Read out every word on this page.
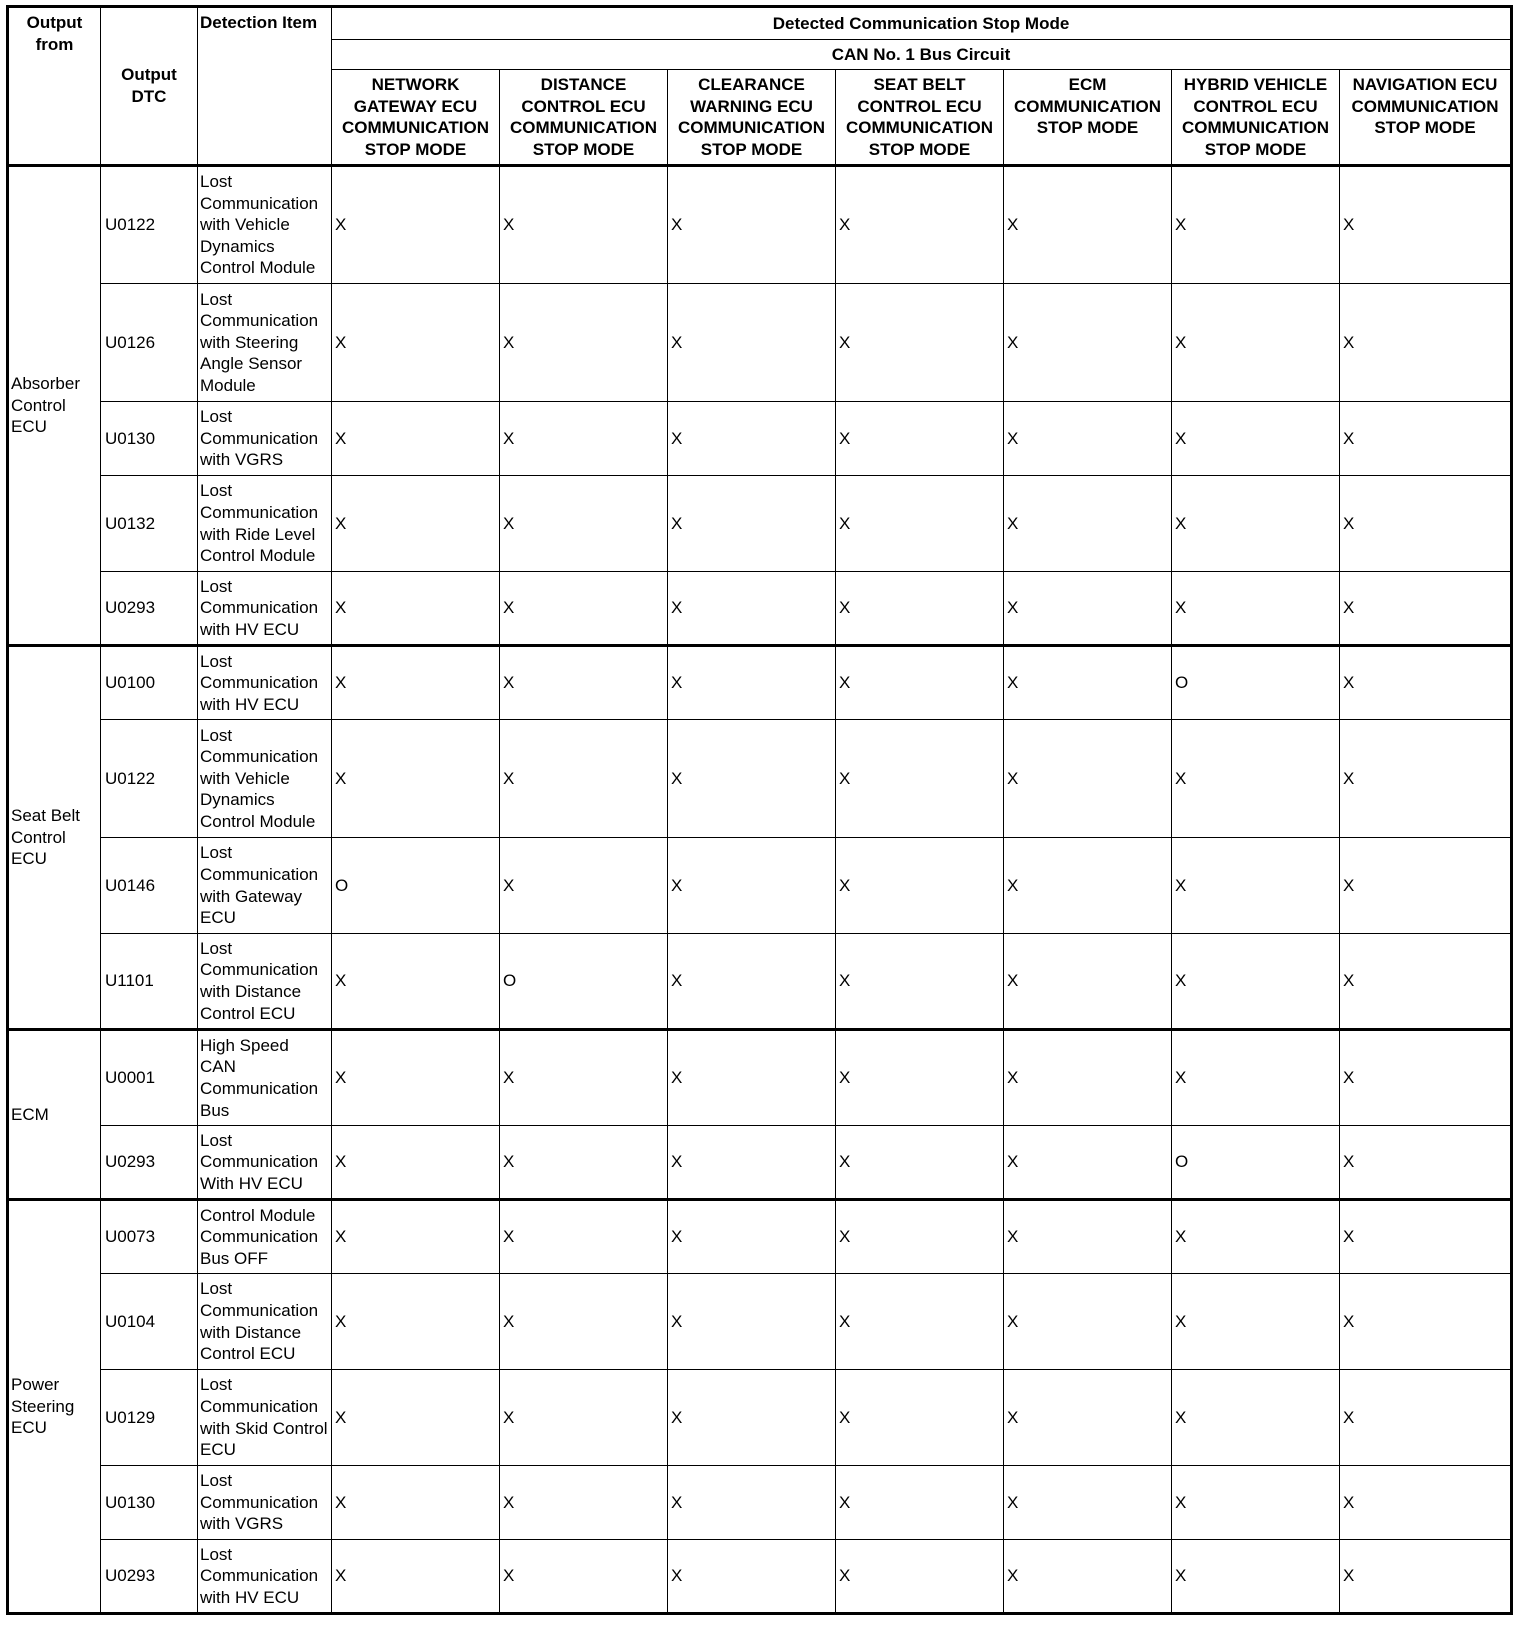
Output from	Output DTC	Detection Item	Detected Communication Stop Mode						
			CAN No. 1 Bus Circuit						
			NETWORK GATEWAY ECU COMMUNICATION STOP MODE	DISTANCE CONTROL ECU COMMUNICATION STOP MODE	CLEARANCE WARNING ECU COMMUNICATION STOP MODE	SEAT BELT CONTROL ECU COMMUNICATION STOP MODE	ECM COMMUNICATION STOP MODE	HYBRID VEHICLE CONTROL ECU COMMUNICATION STOP MODE	NAVIGATION ECU COMMUNICATION STOP MODE
Absorber Control ECU	U0122	Lost Communication with Vehicle Dynamics Control Module	X	X	X	X	X	X	X
	U0126	Lost Communication with Steering Angle Sensor Module	X	X	X	X	X	X	X
	U0130	Lost Communication with VGRS	X	X	X	X	X	X	X
	U0132	Lost Communication with Ride Level Control Module	X	X	X	X	X	X	X
	U0293	Lost Communication with HV ECU	X	X	X	X	X	X	X
Seat Belt Control ECU	U0100	Lost Communication with HV ECU	X	X	X	X	X	O	X
	U0122	Lost Communication with Vehicle Dynamics Control Module	X	X	X	X	X	X	X
	U0146	Lost Communication with Gateway ECU	O	X	X	X	X	X	X
	U1101	Lost Communication with Distance Control ECU	X	O	X	X	X	X	X
ECM	U0001	High Speed CAN Communication Bus	X	X	X	X	X	X	X
	U0293	Lost Communication With HV ECU	X	X	X	X	X	O	X
Power Steering ECU	U0073	Control Module Communication Bus OFF	X	X	X	X	X	X	X
	U0104	Lost Communication with Distance Control ECU	X	X	X	X	X	X	X
	U0129	Lost Communication with Skid Control ECU	X	X	X	X	X	X	X
	U0130	Lost Communication with VGRS	X	X	X	X	X	X	X
	U0293	Lost Communication with HV ECU	X	X	X	X	X	X	X
